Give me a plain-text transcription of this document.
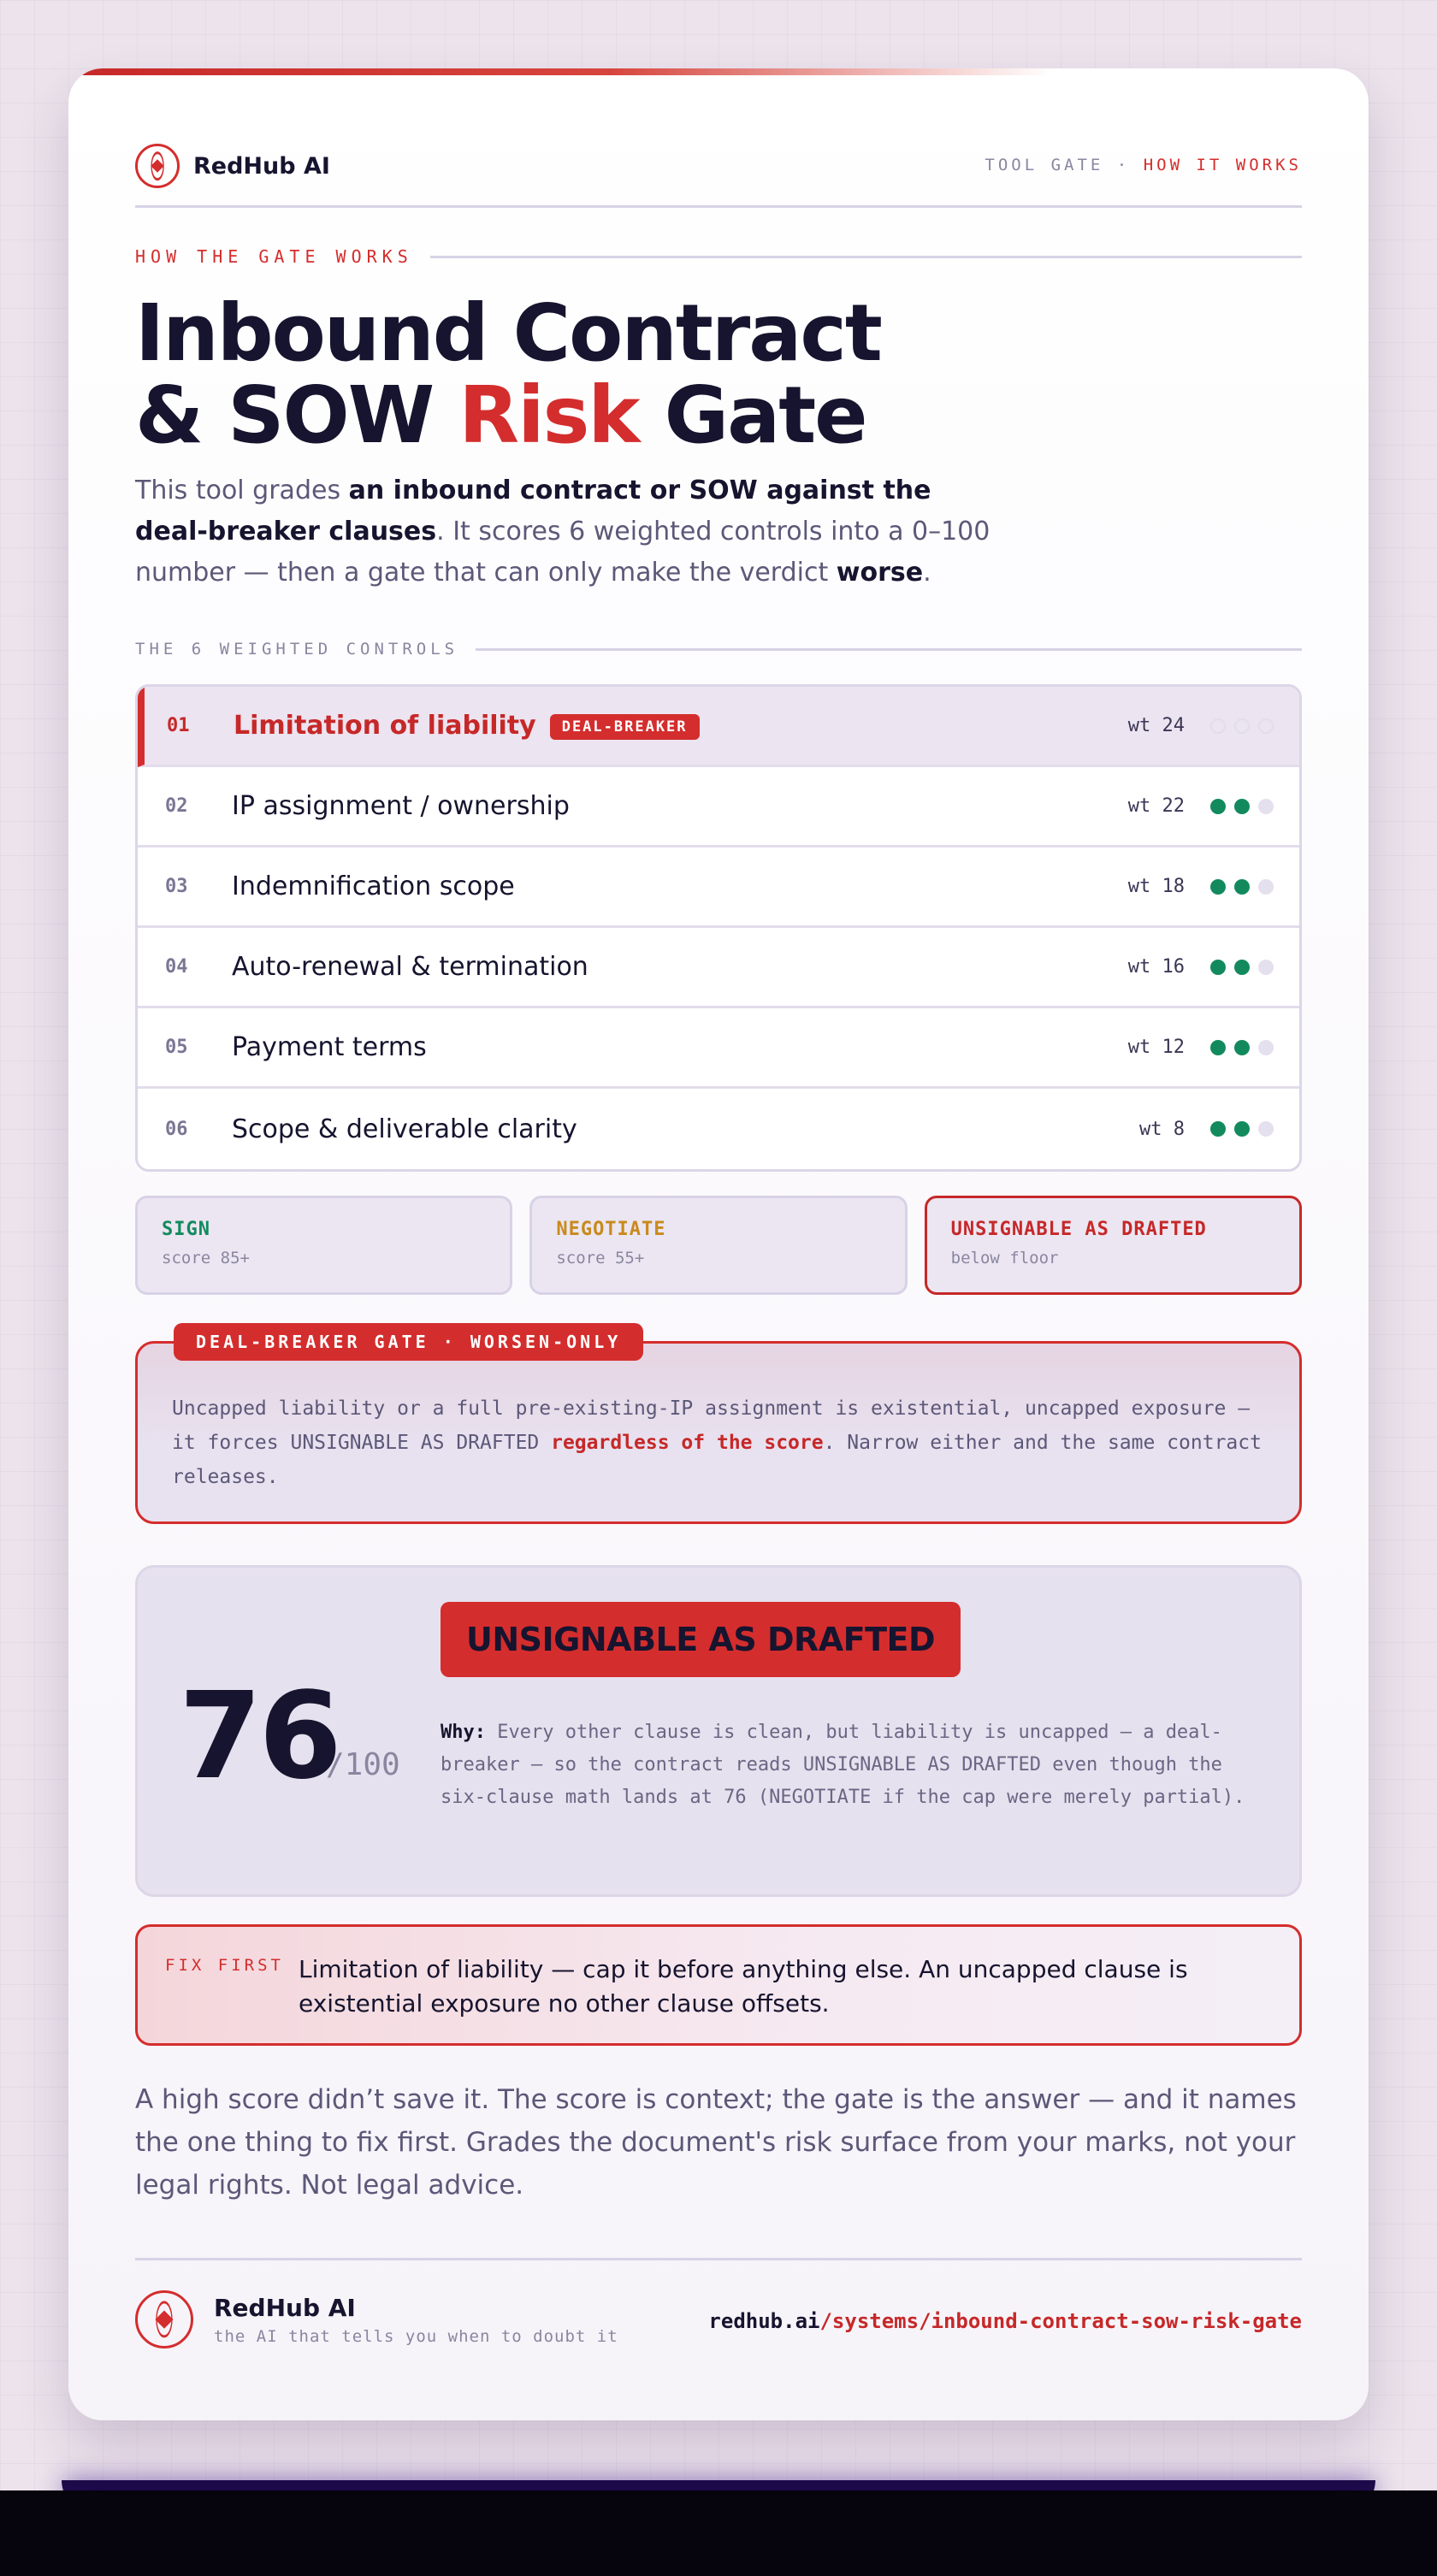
RedHub AI	TOOL GATE · HOW IT WORKS
HOW THE GATE WORKS
Inbound Contract
& SOW Risk Gate

This tool grades an inbound contract or SOW against the deal-breaker clauses. It scores 6 weighted controls into a 0–100 number — then a gate that can only make the verdict worse.

THE 6 WEIGHTED CONTROLS
01 Limitation of liability DEAL-BREAKER	wt 24
02 IP assignment / ownership	wt 22
03 Indemnification scope	wt 18
04 Auto-renewal & termination	wt 16
05 Payment terms	wt 12
06 Scope & deliverable clarity	wt 8
SIGN
score 85+
NEGOTIATE
score 55+
UNSIGNABLE AS DRAFTED
below floor
DEAL-BREAKER GATE · WORSEN-ONLY

Uncapped liability or a full pre-existing-IP assignment is existential, uncapped exposure — it forces UNSIGNABLE AS DRAFTED regardless of the score. Narrow either and the same contract releases.

76
/100
UNSIGNABLE AS DRAFTED

Why: Every other clause is clean, but liability is uncapped — a deal-breaker — so the contract reads UNSIGNABLE AS DRAFTED even though the six-clause math lands at 76 (NEGOTIATE if the cap were merely partial).

FIX FIRST Limitation of liability — cap it before anything else. An uncapped clause is existential exposure no other clause offsets.

A high score didn’t save it. The score is context; the gate is the answer — and it names the one thing to fix first. Grades the document's risk surface from your marks, not your legal rights. Not legal advice.

RedHub AI
the AI that tells you when to doubt it
redhub.ai/systems/inbound-contract-sow-risk-gate
